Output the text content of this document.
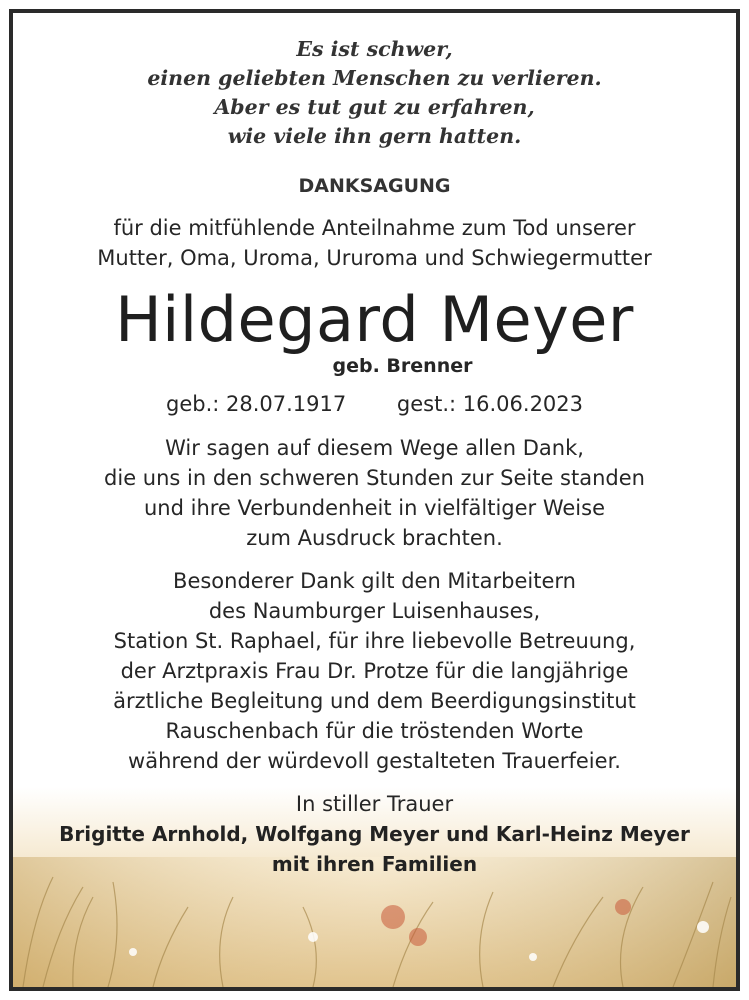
Es ist schwer,
einen geliebten Menschen zu verlieren.
Aber es tut gut zu erfahren,
wie viele ihn gern hatten.
DANKSAGUNG
für die mitfühlende Anteilnahme zum Tod unserer
Mutter, Oma, Uroma, Ururoma und Schwiegermutter
Hildegard Meyer
geb. Brenner
geb.: 28.07.1917 gest.: 16.06.2023
Wir sagen auf diesem Wege allen Dank,
die uns in den schweren Stunden zur Seite standen
und ihre Verbundenheit in vielfältiger Weise
zum Ausdruck brachten.
Besonderer Dank gilt den Mitarbeitern
des Naumburger Luisenhauses,
Station St. Raphael, für ihre liebevolle Betreuung,
der Arztpraxis Frau Dr. Protze für die langjährige
ärztliche Begleitung und dem Beerdigungsinstitut
Rauschenbach für die tröstenden Worte
während der würdevoll gestalteten Trauerfeier.
In stiller Trauer
Brigitte Arnhold, Wolfgang Meyer und Karl-Heinz Meyer
mit ihren Familien
